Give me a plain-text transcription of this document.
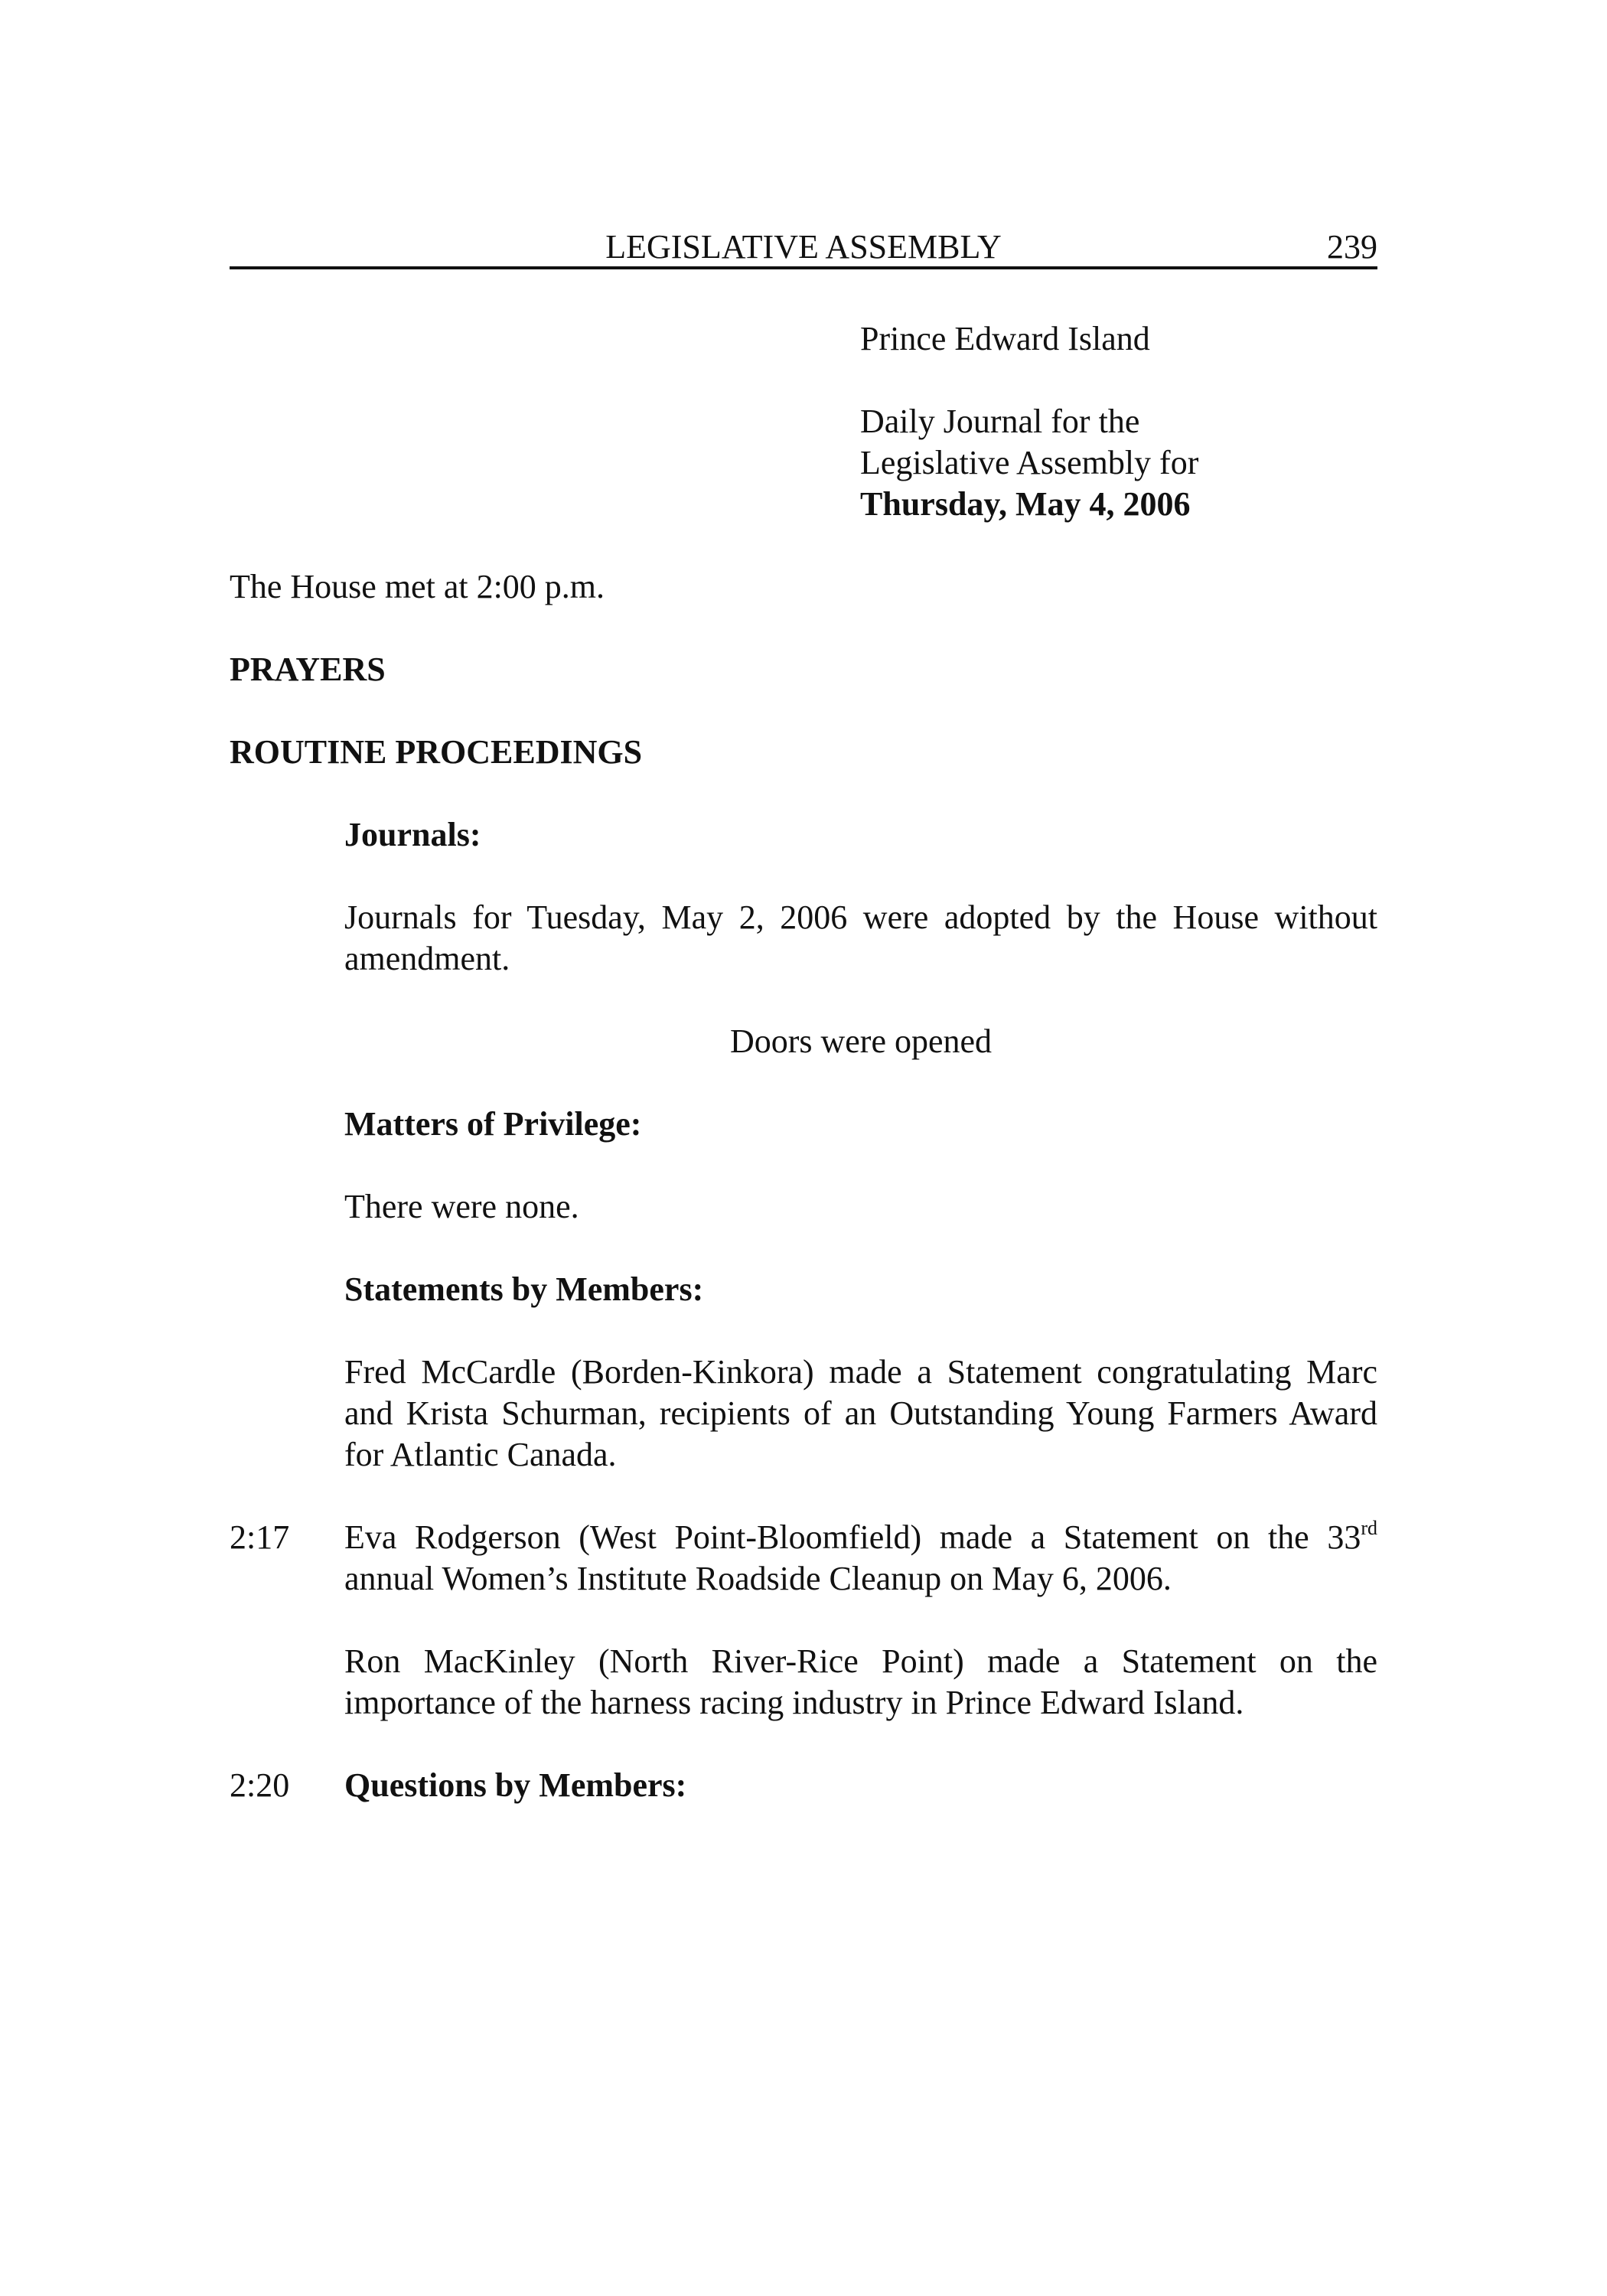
LEGISLATIVE ASSEMBLY	239
Prince Edward Island
Daily Journal for the
Legislative Assembly for
Thursday, May 4, 2006
The House met at 2:00 p.m.
PRAYERS
ROUTINE PROCEEDINGS
Journals:
Journals for Tuesday, May 2, 2006 were adopted by the House without amendment.
Doors were opened
Matters of Privilege:
There were none.
Statements by Members:
Fred McCardle (Borden-Kinkora) made a Statement congratulating Marc and Krista Schurman, recipients of an Outstanding Young Farmers Award for Atlantic Canada.
2:17 Eva Rodgerson (West Point-Bloomfield) made a Statement on the 33rd annual Women’s Institute Roadside Cleanup on May 6, 2006.
Ron MacKinley (North River-Rice Point) made a Statement on the importance of the harness racing industry in Prince Edward Island.
2:20 Questions by Members:
